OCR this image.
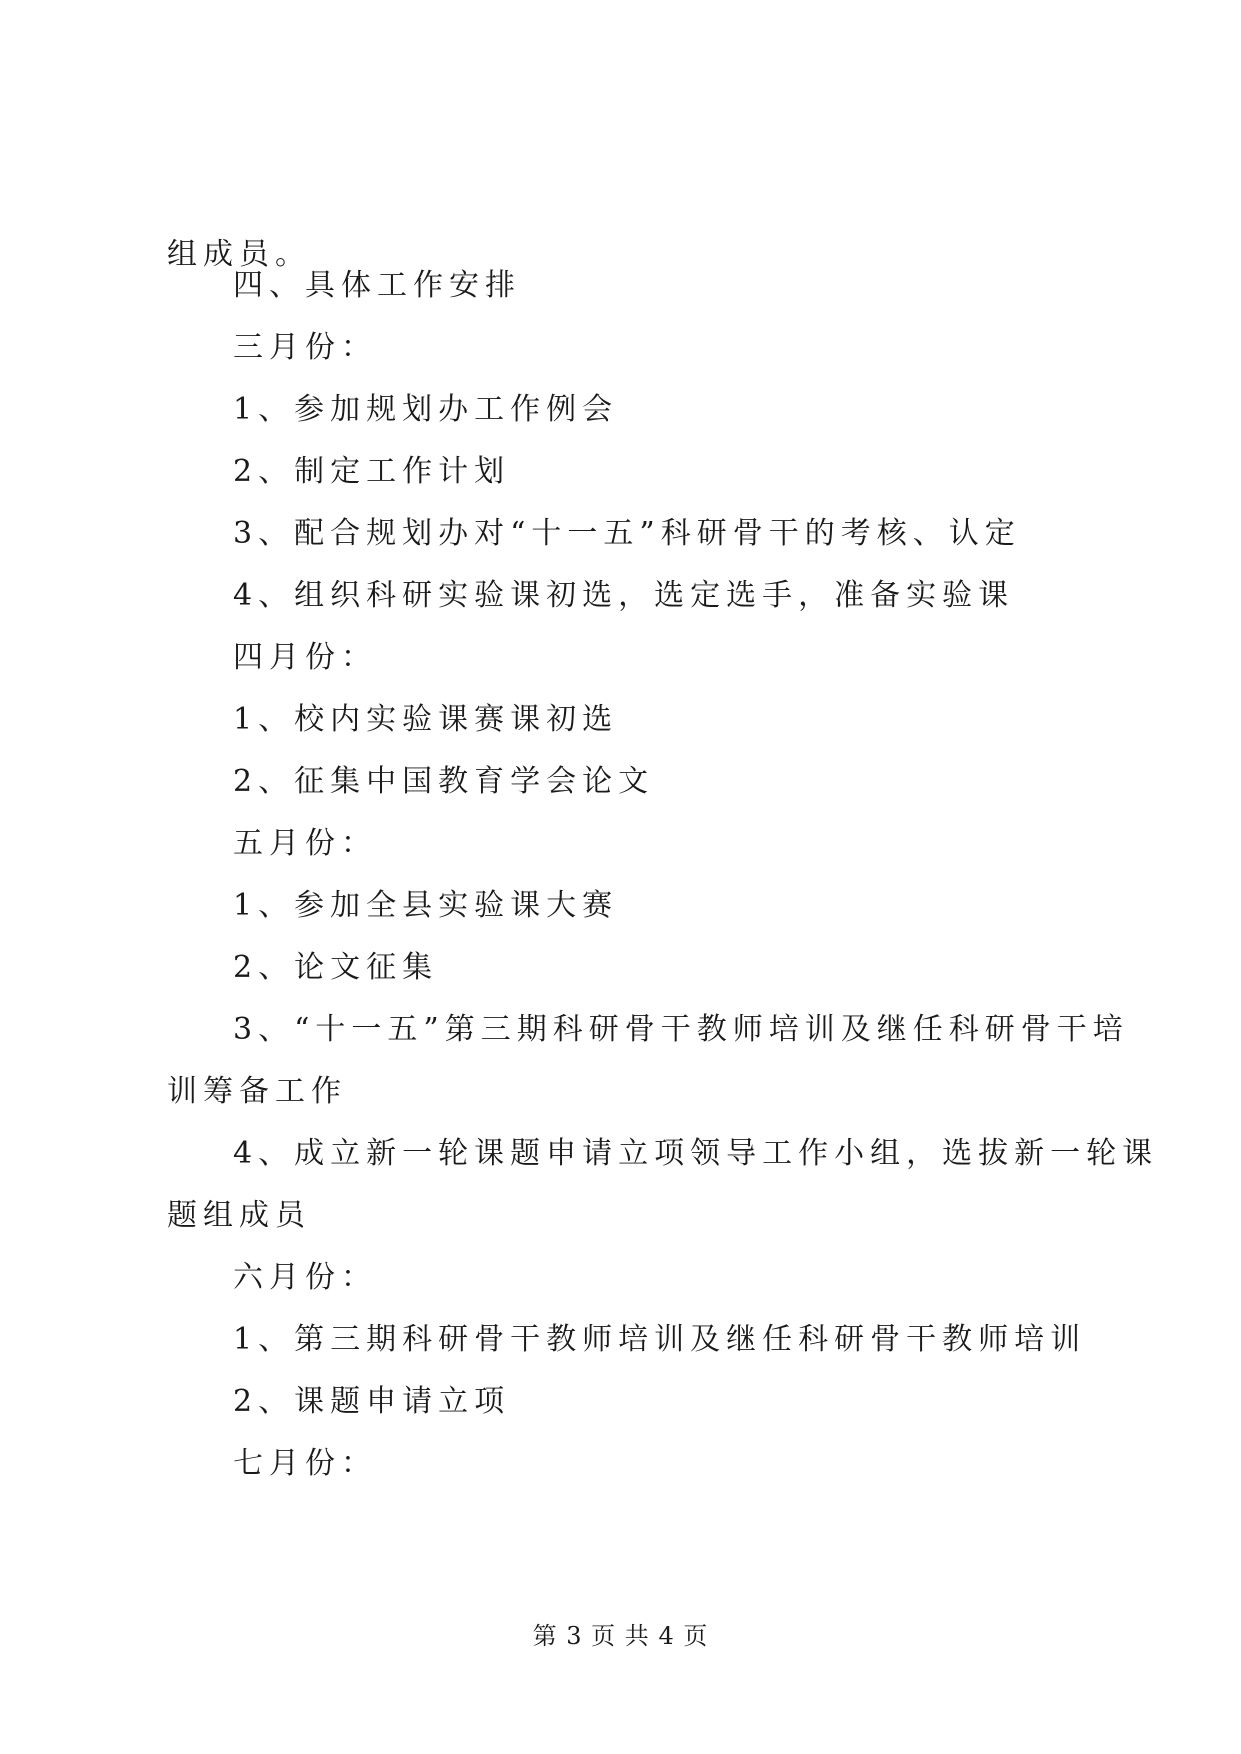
组成员。
四、具体工作安排
三月份：
1、参加规划办工作例会
2、制定工作计划
3、配合规划办对“十一五”科研骨干的考核、认定
4、组织科研实验课初选，选定选手，准备实验课
四月份：
1、校内实验课赛课初选
2、征集中国教育学会论文
五月份：
1、参加全县实验课大赛
2、论文征集
3、“十一五”第三期科研骨干教师培训及继任科研骨干培
训筹备工作
4、成立新一轮课题申请立项领导工作小组，选拔新一轮课
题组成员
六月份：
1、第三期科研骨干教师培训及继任科研骨干教师培训
2、课题申请立项
七月份：
第 3 页 共 4 页
